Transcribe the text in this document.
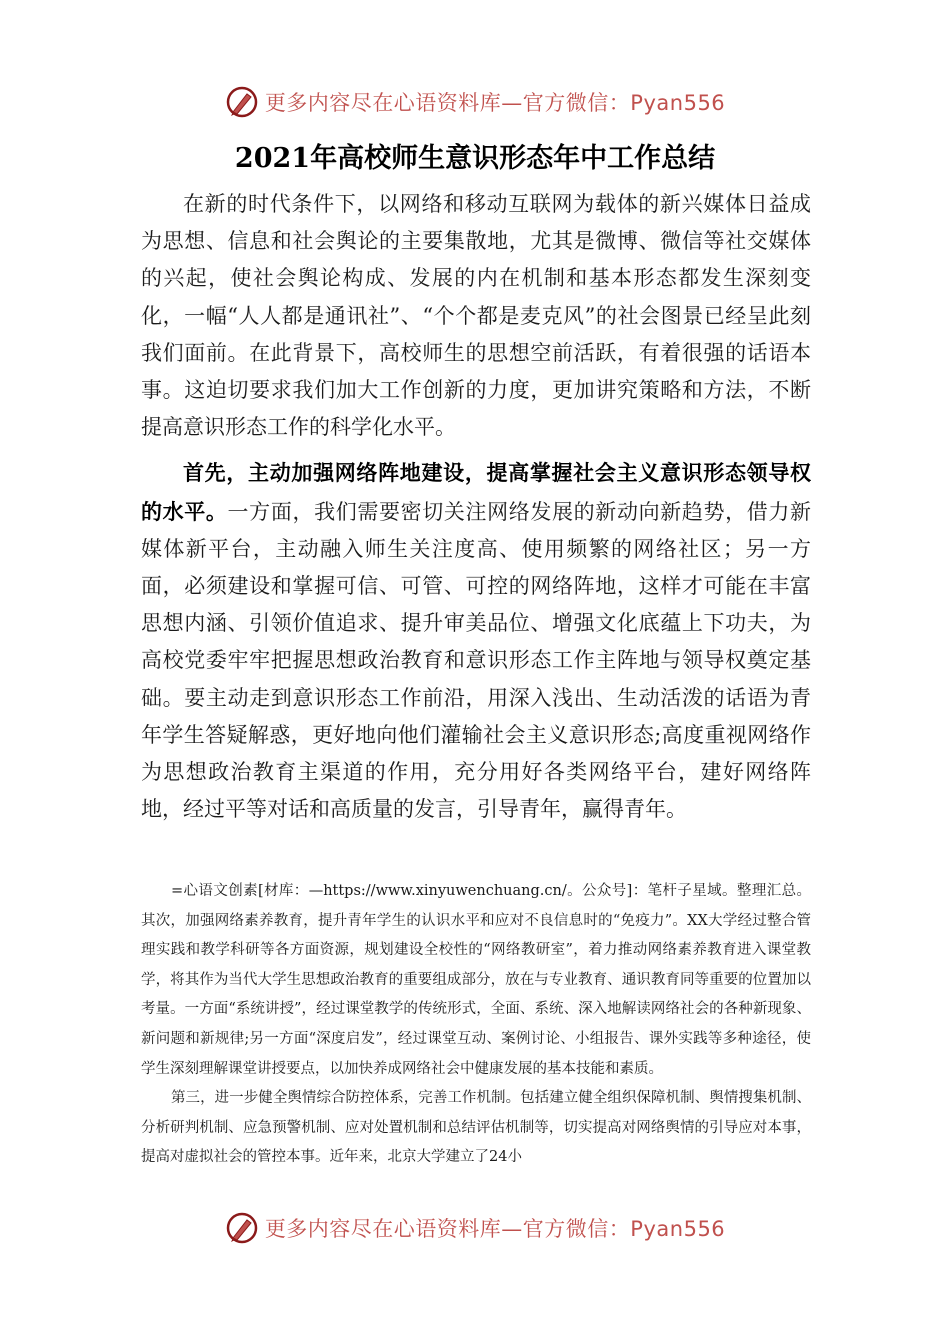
更多内容尽在心语资料库—官方微信：Pyan556
2021年高校师生意识形态年中工作总结

在新的时代条件下，以网络和移动互联网为载体的新兴媒体日益成为思想、信息和社会舆论的主要集散地，尤其是微博、微信等社交媒体的兴起，使社会舆论构成、发展的内在机制和基本形态都发生深刻变化，一幅“人人都是通讯社”、“个个都是麦克风”的社会图景已经呈此刻我们面前。在此背景下，高校师生的思想空前活跃，有着很强的话语本事。这迫切要求我们加大工作创新的力度，更加讲究策略和方法，不断提高意识形态工作的科学化水平。

首先，主动加强网络阵地建设，提高掌握社会主义意识形态领导权的水平。一方面，我们需要密切关注网络发展的新动向新趋势，借力新媒体新平台，主动融入师生关注度高、使用频繁的网络社区；另一方面，必须建设和掌握可信、可管、可控的网络阵地，这样才可能在丰富思想内涵、引领价值追求、提升审美品位、增强文化底蕴上下功夫，为高校党委牢牢把握思想政治教育和意识形态工作主阵地与领导权奠定基础。要主动走到意识形态工作前沿，用深入浅出、生动活泼的话语为青年学生答疑解惑，更好地向他们灌输社会主义意识形态;高度重视网络作为思想政治教育主渠道的作用，充分用好各类网络平台，建好网络阵地，经过平等对话和高质量的发言，引导青年，赢得青年。

=心语文创素[材库：—https://www.xinyuwenchuang.cn/。公众号]：笔杆子星域。整理汇总。其次，加强网络素养教育，提升青年学生的认识水平和应对不良信息时的“免疫力”。XX大学经过整合管理实践和教学科研等各方面资源，规划建设全校性的“网络教研室”，着力推动网络素养教育进入课堂教学，将其作为当代大学生思想政治教育的重要组成部分，放在与专业教育、通识教育同等重要的位置加以考量。一方面“系统讲授”，经过课堂教学的传统形式，全面、系统、深入地解读网络社会的各种新现象、新问题和新规律;另一方面“深度启发”，经过课堂互动、案例讨论、小组报告、课外实践等多种途径，使学生深刻理解课堂讲授要点，以加快养成网络社会中健康发展的基本技能和素质。

第三，进一步健全舆情综合防控体系，完善工作机制。包括建立健全组织保障机制、舆情搜集机制、分析研判机制、应急预警机制、应对处置机制和总结评估机制等，切实提高对网络舆情的引导应对本事，提高对虚拟社会的管控本事。近年来，北京大学建立了24小

更多内容尽在心语资料库—官方微信：Pyan556
